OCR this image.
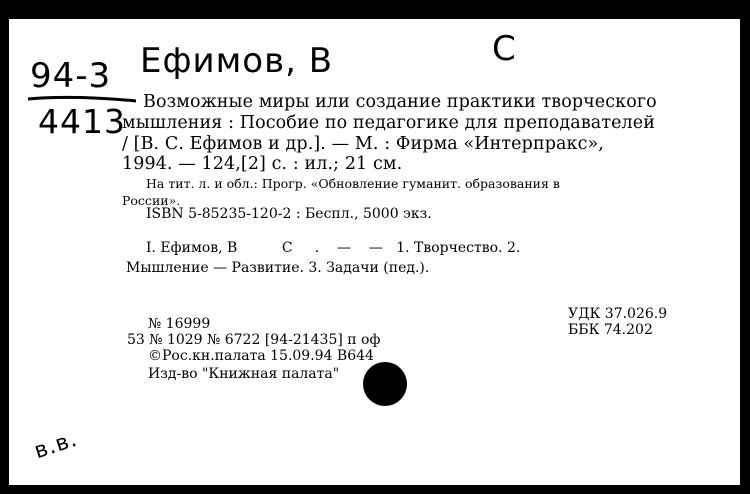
94-3
4413
Ефимов, В	С
в.в.
Возможные миры или создание практики творческого
мышления : Пособие по педагогике для преподавателей
/ [В. С. Ефимов и др.]. — М. : Фирма «Интерпракс»,
1994. — 124,[2] с. : ил.; 21 см.
На тит. л. и обл.: Прогр. «Обновление гуманит. образования в
России».
ISBN 5-85235-120-2 : Беспл., 5000 экз.
I. Ефимов, В          С     .    —    —   1. Творчество. 2.
Мышление — Развитие. 3. Задачи (пед.).
№ 16999
53 № 1029 № 6722 [94-21435] п оф
©Рос.кн.палата 15.09.94 В644
Изд-во "Книжная палата"
УДК 37.026.9
ББК 74.202
